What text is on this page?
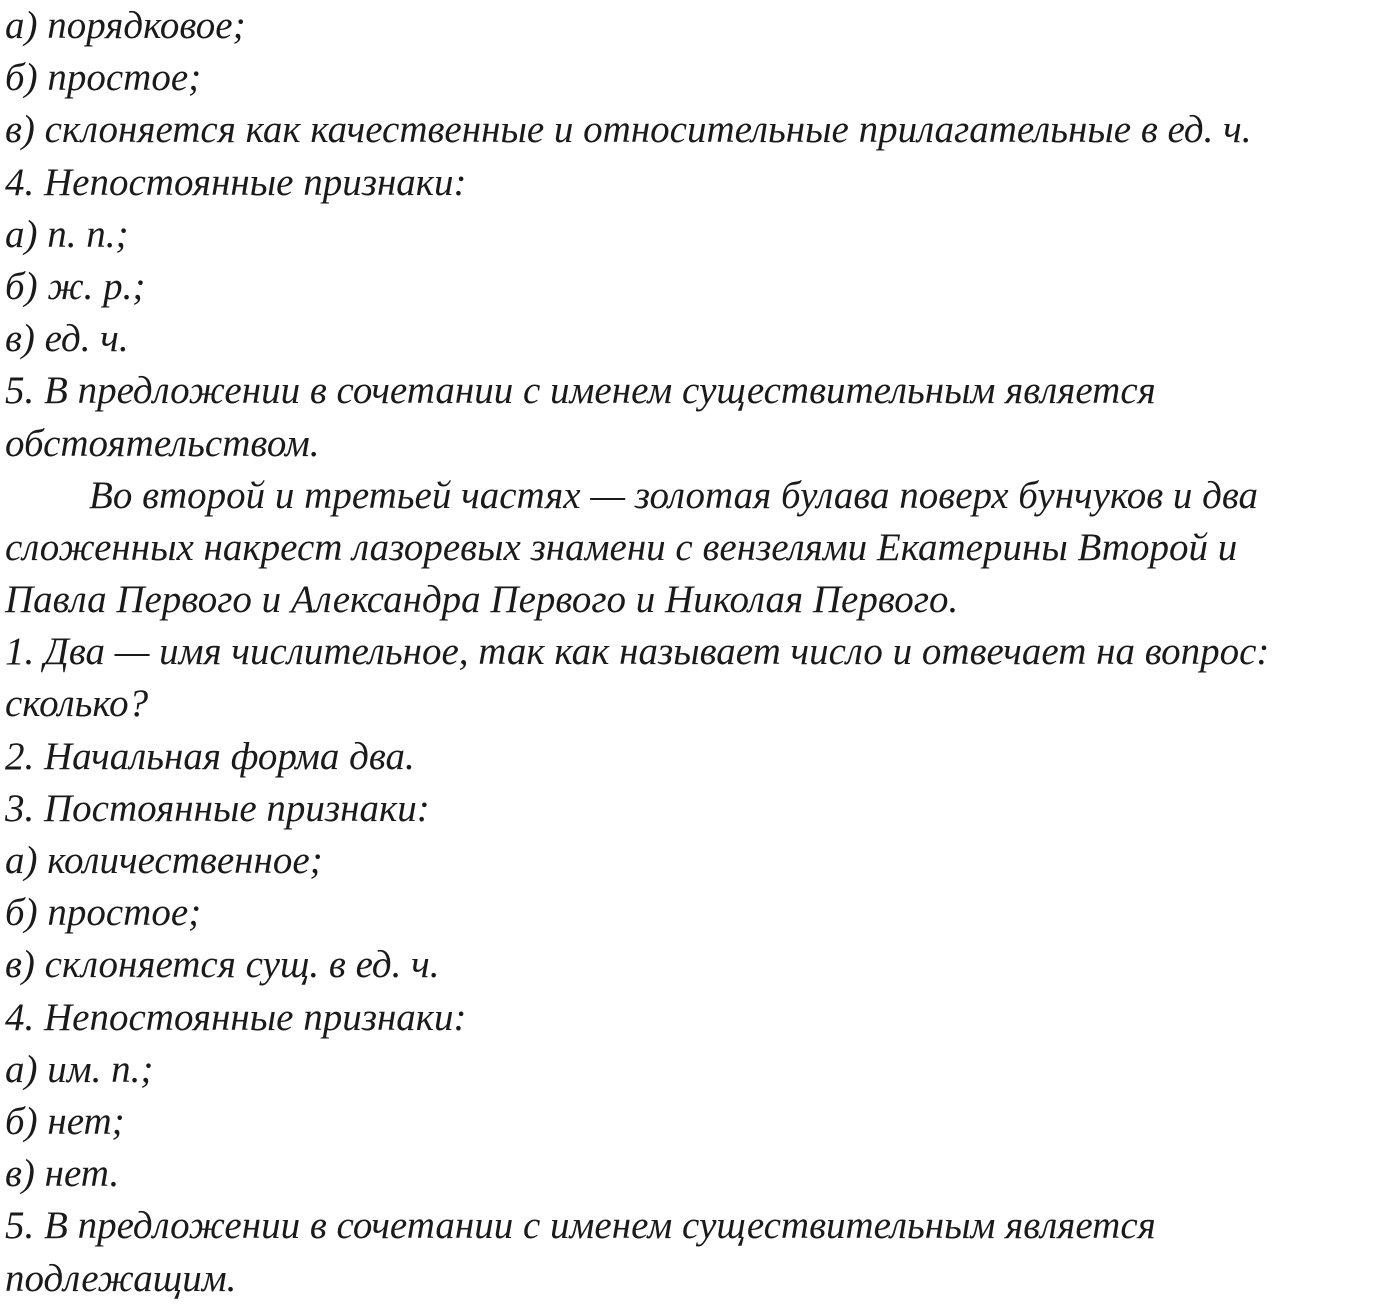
а) порядковое;
б) простое;
в) склоняется как качественные и относительные прилагательные в ед. ч.
4. Непостоянные признаки:
а) п. п.;
б) ж. р.;
в) ед. ч.
5. В предложении в сочетании с именем существительным является
обстоятельством.
Во второй и третьей частях — золотая булава поверх бунчуков и два
сложенных накрест лазоревых знамени с вензелями Екатерины Второй и
Павла Первого и Александра Первого и Николая Первого.
1. Два — имя числительное, так как называет число и отвечает на вопрос:
сколько?
2. Начальная форма два.
3. Постоянные признаки:
а) количественное;
б) простое;
в) склоняется сущ. в ед. ч.
4. Непостоянные признаки:
а) им. п.;
б) нет;
в) нет.
5. В предложении в сочетании с именем существительным является
подлежащим.
